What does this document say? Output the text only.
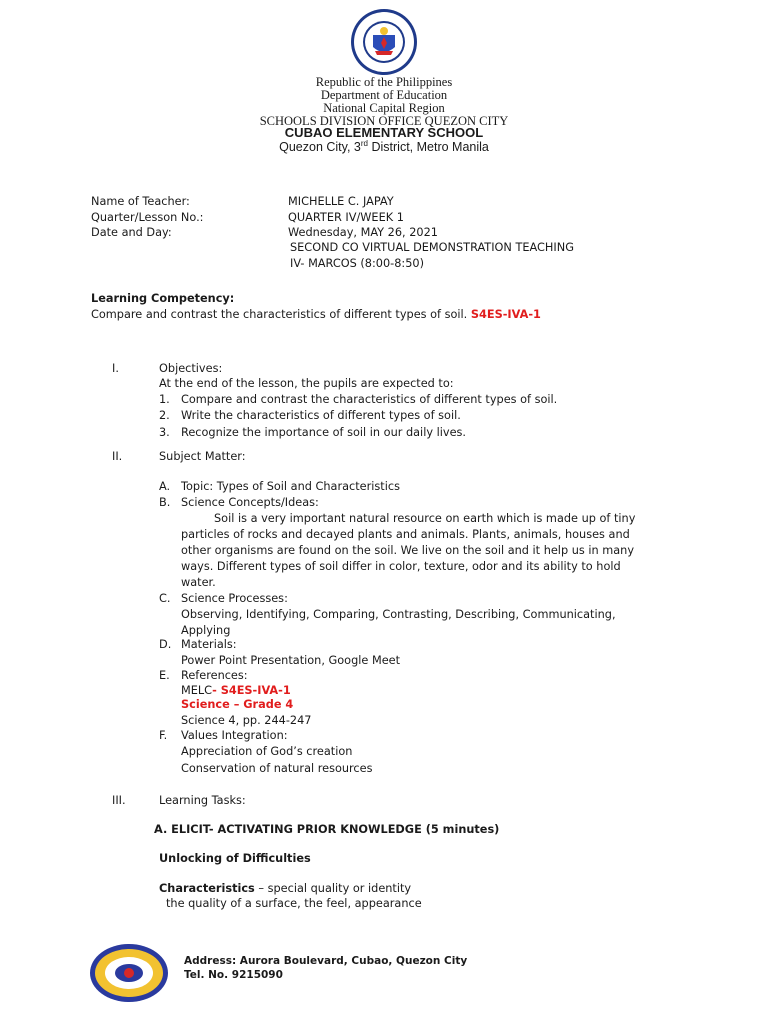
Republic of the Philippines
Department of Education
National Capital Region
SCHOOLS DIVISION OFFICE QUEZON CITY
CUBAO ELEMENTARY SCHOOL
Quezon City, 3rd District, Metro Manila
Name of Teacher:	MICHELLE C. JAPAY
Quarter/Lesson No.:	QUARTER IV/WEEK 1
Date and Day:	Wednesday, MAY 26, 2021
SECOND CO VIRTUAL DEMONSTRATION TEACHING
IV- MARCOS (8:00-8:50)
Learning Competency:
Compare and contrast the characteristics of different types of soil. S4ES-IVA-1
I.	Objectives:
At the end of the lesson, the pupils are expected to:
1. Compare and contrast the characteristics of different types of soil.
2. Write the characteristics of different types of soil.
3. Recognize the importance of soil in our daily lives.
II.	Subject Matter:
A. Topic: Types of Soil and Characteristics
B. Science Concepts/Ideas:
Soil is a very important natural resource on earth which is made up of tiny
particles of rocks and decayed plants and animals. Plants, animals, houses and
other organisms are found on the soil. We live on the soil and it help us in many
ways. Different types of soil differ in color, texture, odor and its ability to hold
water.
C. Science Processes:
Observing, Identifying, Comparing, Contrasting, Describing, Communicating,
Applying
D. Materials:
Power Point Presentation, Google Meet
E. References:
MELC- S4ES-IVA-1
Science – Grade 4
Science 4, pp. 244-247
F. Values Integration:
Appreciation of God’s creation
Conservation of natural resources
III.	Learning Tasks:
A. ELICIT- ACTIVATING PRIOR KNOWLEDGE (5 minutes)
Unlocking of Difficulties
Characteristics – special quality or identity
the quality of a surface, the feel, appearance
Address: Aurora Boulevard, Cubao, Quezon City
Tel. No. 9215090
